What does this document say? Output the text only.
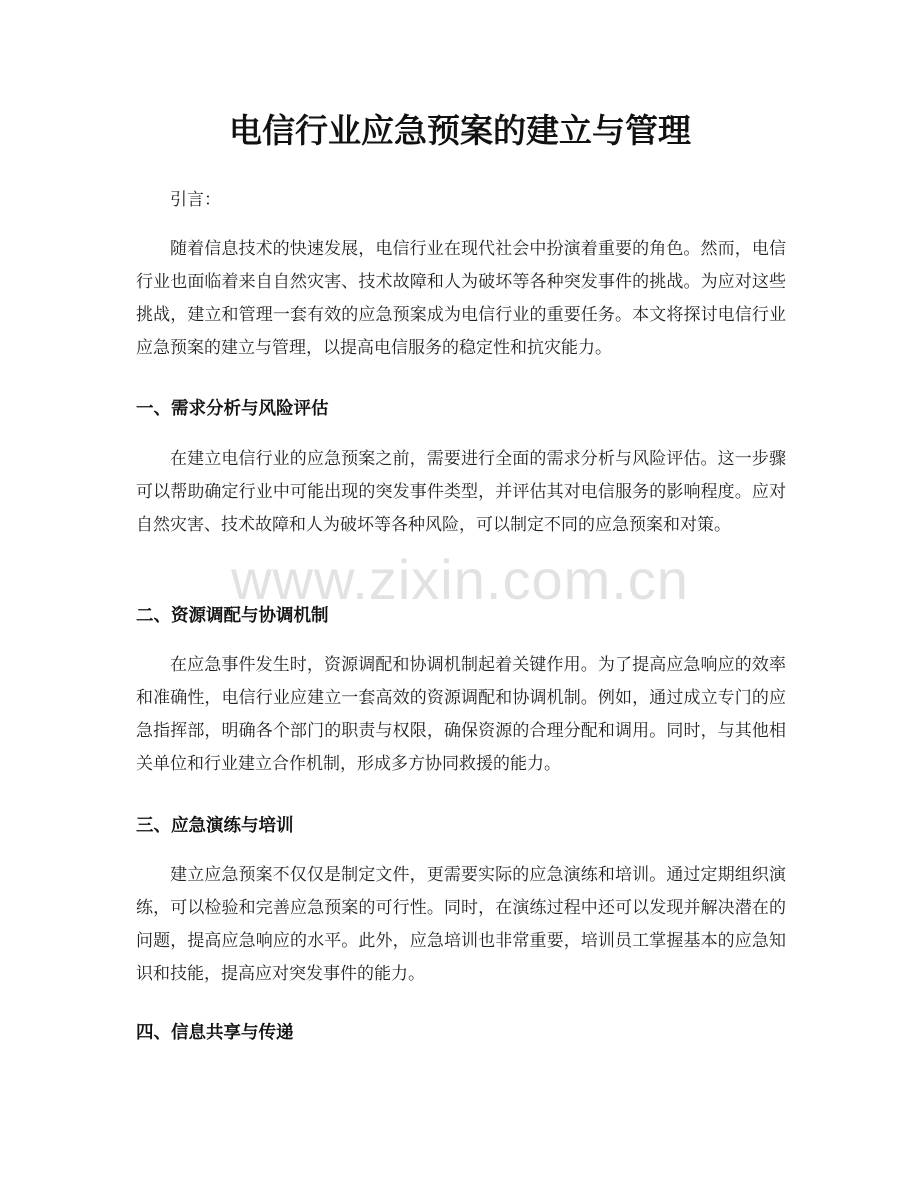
电信行业应急预案的建立与管理
引言：
随着信息技术的快速发展，电信行业在现代社会中扮演着重要的角色。然而，电信行业也面临着来自自然灾害、技术故障和人为破坏等各种突发事件的挑战。为应对这些挑战，建立和管理一套有效的应急预案成为电信行业的重要任务。本文将探讨电信行业应急预案的建立与管理，以提高电信服务的稳定性和抗灾能力。
一、需求分析与风险评估
在建立电信行业的应急预案之前，需要进行全面的需求分析与风险评估。这一步骤可以帮助确定行业中可能出现的突发事件类型，并评估其对电信服务的影响程度。应对自然灾害、技术故障和人为破坏等各种风险，可以制定不同的应急预案和对策。
二、资源调配与协调机制
在应急事件发生时，资源调配和协调机制起着关键作用。为了提高应急响应的效率和准确性，电信行业应建立一套高效的资源调配和协调机制。例如，通过成立专门的应急指挥部，明确各个部门的职责与权限，确保资源的合理分配和调用。同时，与其他相关单位和行业建立合作机制，形成多方协同救援的能力。
三、应急演练与培训
建立应急预案不仅仅是制定文件，更需要实际的应急演练和培训。通过定期组织演练，可以检验和完善应急预案的可行性。同时，在演练过程中还可以发现并解决潜在的问题，提高应急响应的水平。此外，应急培训也非常重要，培训员工掌握基本的应急知识和技能，提高应对突发事件的能力。
四、信息共享与传递
www.zixin.com.cn
